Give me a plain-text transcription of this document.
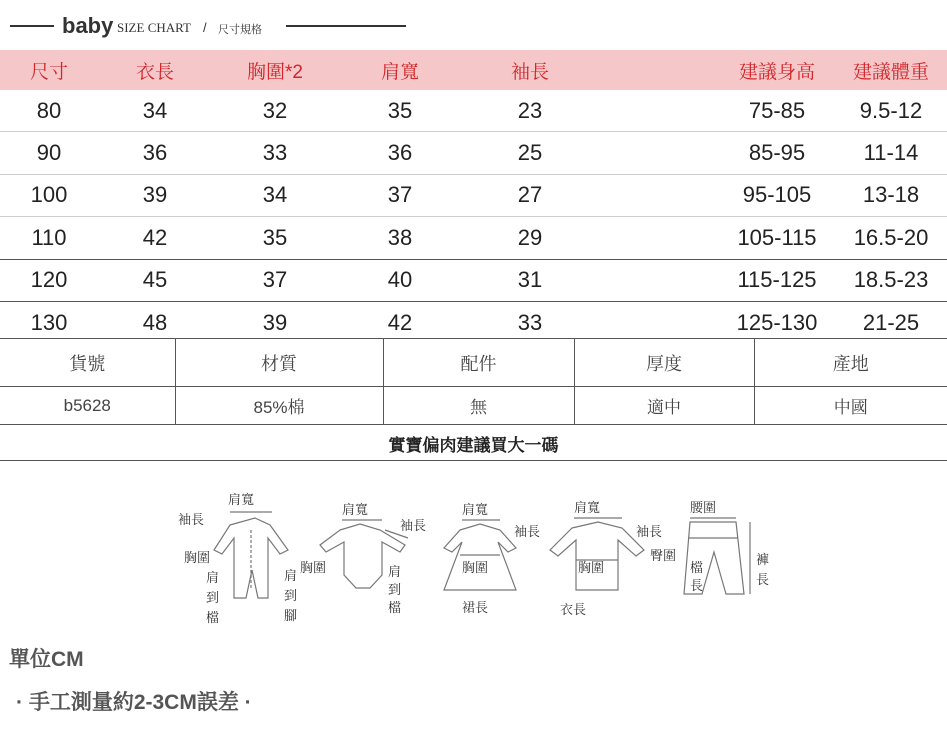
baby SIZE CHART / 尺寸規格
尺寸	衣長	胸圍*2	肩寬	袖長	建議身高	建議體重
80	34	32	35	23	75-85	9.5-12
90	36	33	36	25	85-95	11-14
100	39	34	37	27	95-105	13-18
110	42	35	38	29	105-115	16.5-20
120	45	37	40	31	115-125	18.5-23
130	48	39	42	33	125-130	21-25
貨號	材質	配件	厚度	產地
b5628	85%棉	無	適中	中國
實寶偏肉建議買大一碼
袖長
肩寬
胸圍
肩
到
檔
肩
到
腳
肩寬
袖長
胸圍	肩
到
檔
肩寬
胸圍
裙長
肩寬
袖長	袖長
胸圍
衣長
腰圍
臀圍
檔
長
褲
長
單位CM
· 手工測量約2-3CM誤差 ·
